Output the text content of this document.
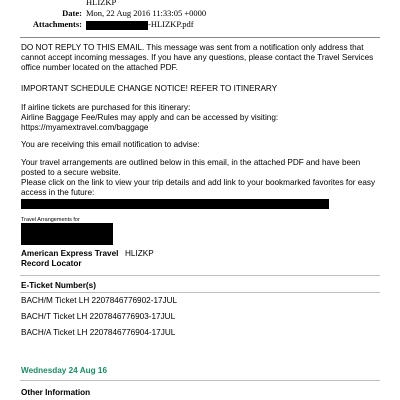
HLIZKP
Date: Mon, 22 Aug 2016 11:33:05 +0000
Attachments:	-HLIZKP.pdf
DO NOT REPLY TO THIS EMAIL. This message was sent from a notification only address that cannot accept incoming messages. If you have any questions, please contact the Travel Services office number located on the attached PDF.
IMPORTANT SCHEDULE CHANGE NOTICE! REFER TO ITINERARY
If airline tickets are purchased for this itinerary:
Airline Baggage Fee/Rules may apply and can be accessed by visiting:
https://myamextravel.com/baggage
You are receiving this email notification to advise:
Your travel arrangements are outlined below in this email, in the attached PDF and have been posted to a secure website.
Please click on the link to view your trip details and add link to your bookmarked favorites for easy access in the future:
Travel Arrangements for
American Express Travel
Record Locator
HLIZKP
E-Ticket Number(s)
BACH/M Ticket LH 2207846776902-17JUL
BACH/T Ticket LH 2207846776903-17JUL
BACH/A Ticket LH 2207846776904-17JUL
Wednesday 24 Aug 16
Other Information
